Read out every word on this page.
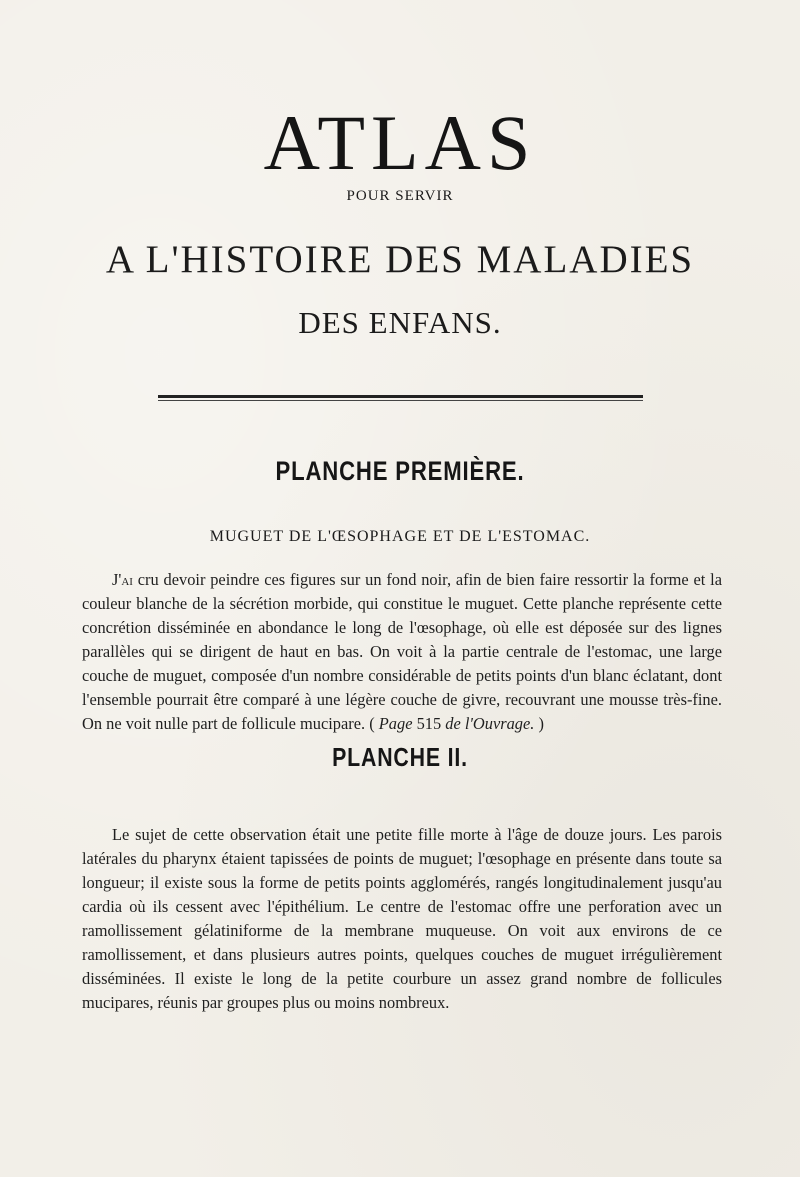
ATLAS
POUR SERVIR
A L'HISTOIRE DES MALADIES
DES ENFANS.
PLANCHE PREMIÈRE.
MUGUET DE L'ŒSOPHAGE ET DE L'ESTOMAC.
J'ai cru devoir peindre ces figures sur un fond noir, afin de bien faire ressortir la forme et la couleur blanche de la sécrétion morbide, qui constitue le muguet. Cette planche représente cette concrétion disséminée en abondance le long de l'œsophage, où elle est déposée sur des lignes parallèles qui se dirigent de haut en bas. On voit à la partie centrale de l'estomac, une large couche de muguet, composée d'un nombre considérable de petits points d'un blanc éclatant, dont l'ensemble pourrait être comparé à une légère couche de givre, recouvrant une mousse très-fine. On ne voit nulle part de follicule mucipare. ( Page 515 de l'Ouvrage. )
PLANCHE II.
Le sujet de cette observation était une petite fille morte à l'âge de douze jours. Les parois latérales du pharynx étaient tapissées de points de muguet; l'œsophage en présente dans toute sa longueur; il existe sous la forme de petits points agglomérés, rangés longitudinalement jusqu'au cardia où ils cessent avec l'épithélium. Le centre de l'estomac offre une perforation avec un ramollissement gélatiniforme de la membrane muqueuse. On voit aux environs de ce ramollissement, et dans plusieurs autres points, quelques couches de muguet irrégulièrement disséminées. Il existe le long de la petite courbure un assez grand nombre de follicules mucipares, réunis par groupes plus ou moins nombreux.
